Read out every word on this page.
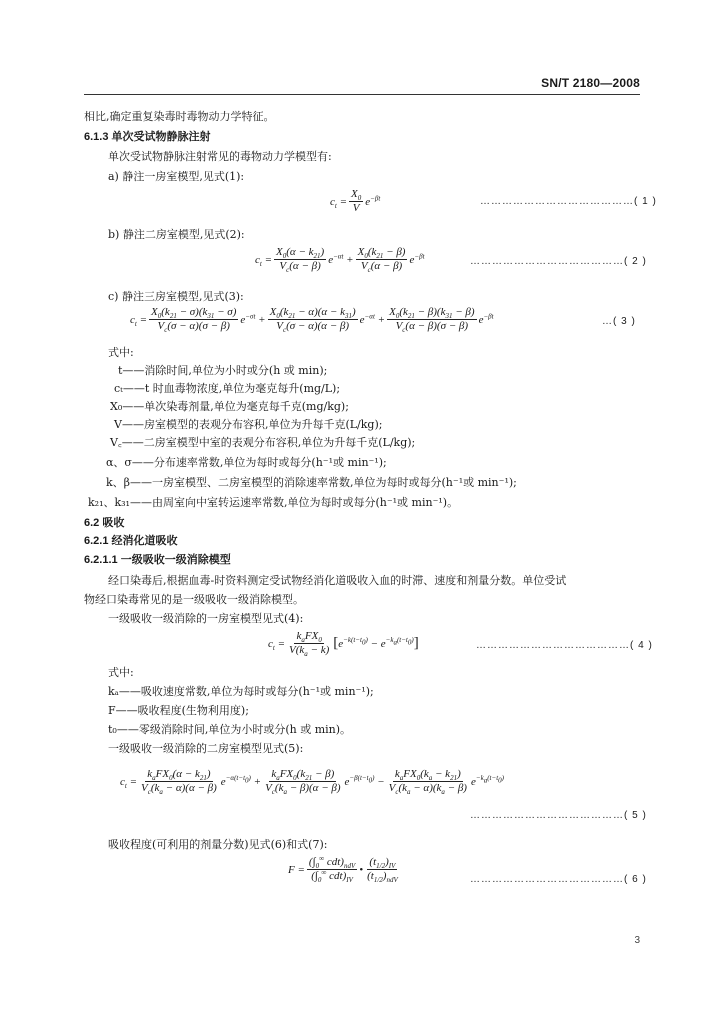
SN/T 2180—2008
相比,确定重复染毒时毒物动力学特征。
6.1.3 单次受试物静脉注射
单次受试物静脉注射常见的毒物动力学模型有:
a) 静注一房室模型,见式(1):
$c_t = \frac{X_0}{V} e^{-\beta t}$	……………………………………( 1 )
b) 静注二房室模型,见式(2):
$c_t = \frac{X_0(\alpha - k_{21})}{V_c(\alpha - \beta)} e^{-\alpha t} + \frac{X_0(k_{21} - \beta)}{V_c(\alpha - \beta)} e^{-\beta t}$
……………………………………( 2 )
c) 静注三房室模型,见式(3):
$c_t = \frac{X_0(k_{21} - \sigma)(k_{31} - \sigma)}{V_c(\sigma - \alpha)(\sigma - \beta)} e^{-\sigma t} + \frac{X_0(k_{21} - \alpha)(\alpha - k_{31})}{V_c(\sigma - \alpha)(\alpha - \beta)} e^{-\alpha t} + \frac{X_0(k_{21} - \beta)(k_{31} - \beta)}{V_c(\alpha - \beta)(\sigma - \beta)} e^{-\beta t}$
…( 3 )
式中:
t——消除时间,单位为小时或分(h 或 min);
cₜ——t 时血毒物浓度,单位为毫克每升(mg/L);
X₀——单次染毒剂量,单位为毫克每千克(mg/kg);
V——房室模型的表观分布容积,单位为升每千克(L/kg);
V꜀——二房室模型中室的表观分布容积,单位为升每千克(L/kg);
α、σ——分布速率常数,单位为每时或每分(h⁻¹或 min⁻¹);
k、β——一房室模型、二房室模型的消除速率常数,单位为每时或每分(h⁻¹或 min⁻¹);
k₂₁、k₃₁——由周室向中室转运速率常数,单位为每时或每分(h⁻¹或 min⁻¹)。
6.2 吸收
6.2.1 经消化道吸收
6.2.1.1 一级吸收一级消除模型
经口染毒后,根据血毒-时资料测定受试物经消化道吸收入血的时滞、速度和剂量分数。单位受试
物经口染毒常见的是一级吸收一级消除模型。
一级吸收一级消除的一房室模型见式(4):
$c_t = \frac{k_aFX_0}{V(k_a - k)} [e^{-k(t-t_0)} - e^{-k_a(t-t_0)}]$	……………………………………( 4 )
式中:
kₐ——吸收速度常数,单位为每时或每分(h⁻¹或 min⁻¹);
F——吸收程度(生物利用度);
t₀——零级消除时间,单位为小时或分(h 或 min)。
一级吸收一级消除的二房室模型见式(5):
$c_t = \frac{k_aFX_0(\alpha - k_{21})}{V_c(k_a - \alpha)(\alpha - \beta)} e^{-\alpha(t-t_0)} + \frac{k_aFX_0(k_{21} - \beta)}{V_c(k_a - \beta)(\alpha - \beta)} e^{-\beta(t-t_0)} - \frac{k_aFX_0(k_a - k_{21})}{V_c(k_a - \alpha)(k_a - \beta)} e^{-k_a(t-t_0)}$
……………………………………( 5 )
吸收程度(可利用的剂量分数)见式(6)和式(7):
$F = \frac{(\int_0^\infty cdt)_{ndV}}{(\int_0^\infty cdt)_{IV}}$ • $\frac{(t_{1/2})_{IV}}{(t_{1/2})_{ndV}}$	……………………………………( 6 )
3
